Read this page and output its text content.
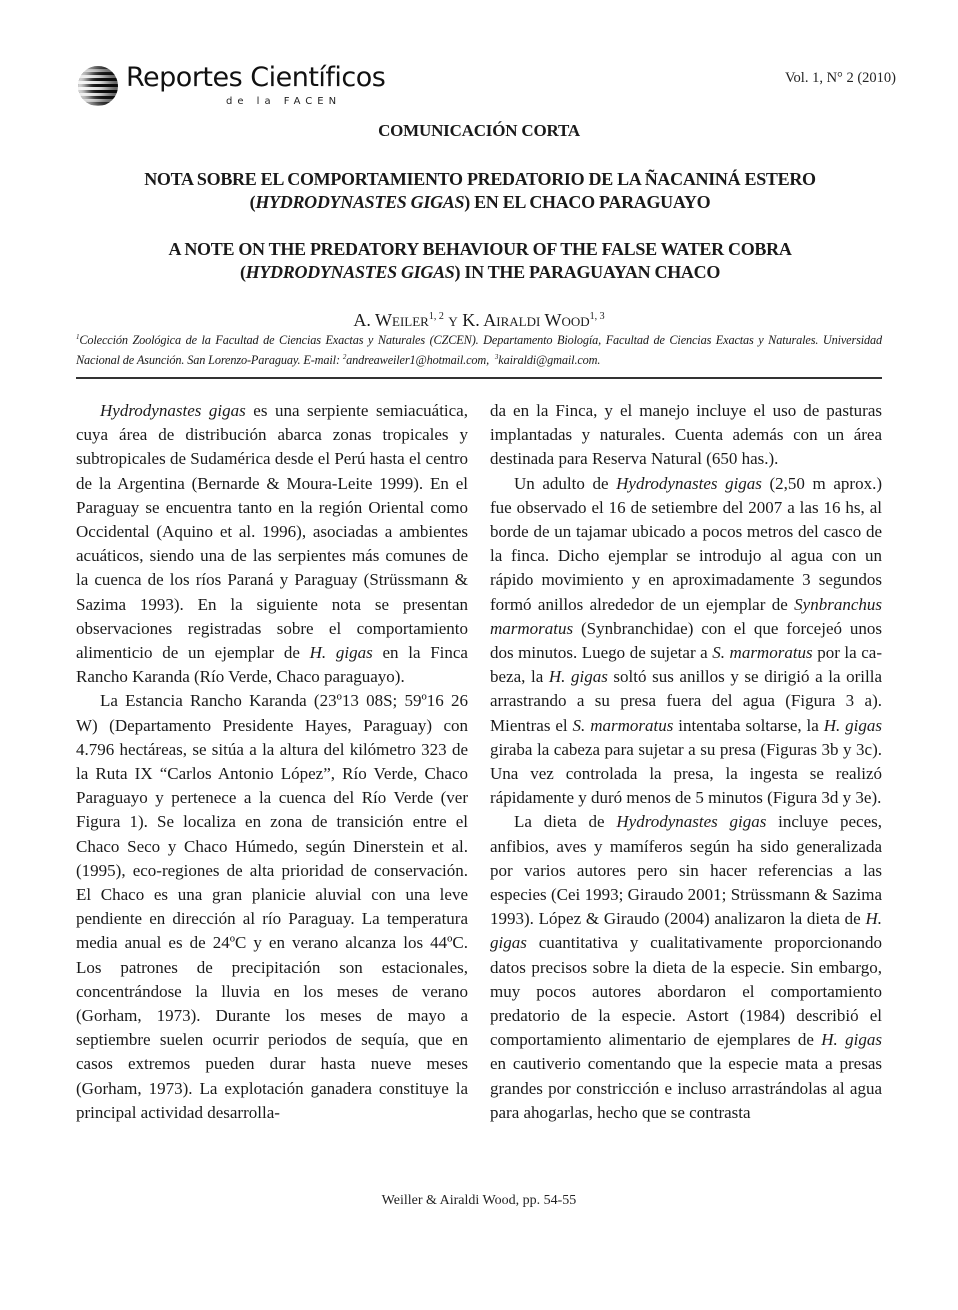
Reportes Científicos
de la FACEN
Vol. 1, N° 2 (2010)
COMUNICACIÓN CORTA
NOTA SOBRE EL COMPORTAMIENTO PREDATORIO DE LA ÑACANINÁ ESTERO
(HYDRODYNASTES GIGAS) EN EL CHACO PARAGUAYO
A NOTE ON THE PREDATORY BEHAVIOUR OF THE FALSE WATER COBRA
(HYDRODYNASTES GIGAS) IN THE PARAGUAYAN CHACO
A. Weiler$^{1, 2}$ y K. Airaldi Wood$^{1, 3}$
$^1$Colección Zoológica de la Facultad de Ciencias Exactas y Naturales (CZCEN). Departamento Biología, Facultad de Ciencias Exactas y Naturales. Universidad Nacional de Asunción. San Lorenzo-Paraguay. E-mail: $^2$andreaweiler1@hotmail.com, $^3$kairaldi@gmail.com.

Hydrodynastes gigas es una serpiente semiacuática, cuya área de distribución abarca zonas tropicales y subtropicales de Sudamérica desde el Perú hasta el centro de la Argentina (Bernarde & Moura-Leite 1999). En el Paraguay se encuentra tanto en la región Oriental como Occidental (Aquino et al. 1996), asociadas a ambientes acuáticos, siendo una de las serpientes más comunes de la cuenca de los ríos Paraná y Paraguay (Strüssmann & Sazima 1993). En la siguiente nota se presentan observaciones registradas sobre el comportamiento alimenticio de un ejemplar de H. gigas en la Finca Rancho Karanda (Río Verde, Chaco paraguayo).

La Estancia Rancho Karanda (23º13 08S; 59º16 26 W) (Departamento Presidente Hayes, Paraguay) con 4.796 hectáreas, se sitúa a la altura del kilómetro 323 de la Ruta IX “Carlos Antonio López”, Río Verde, Chaco Paraguayo y pertenece a la cuenca del Río Verde (ver Figura 1). Se localiza en zona de transición entre el Chaco Seco y Chaco Húmedo, según Dinerstein et al. (1995), eco-regiones de alta prioridad de conservación. El Chaco es una gran planicie aluvial con una leve pendiente en dirección al río Paraguay. La temperatura media anual es de 24ºC y en verano alcanza los 44ºC. Los patrones de precipitación son estacionales, concentrándose la lluvia en los meses de verano (Gorham, 1973). Durante los meses de mayo a septiembre suelen ocurrir periodos de sequía, que en casos extremos pueden durar hasta nueve meses (Gorham, 1973). La explotación ganadera constituye la principal actividad desarrolla-

da en la Finca, y el manejo incluye el uso de pasturas implantadas y naturales. Cuenta además con un área destinada para Reserva Natural (650 has.).

Un adulto de Hydrodynastes gigas (2,50 m aprox.) fue observado el 16 de setiembre del 2007 a las 16 hs, al borde de un tajamar ubicado a pocos metros del casco de la finca. Dicho ejemplar se introdujo al agua con un rápido movimiento y en aproximadamente 3 segundos formó anillos alrededor de un ejemplar de Synbranchus marmoratus (Synbranchidae) con el que forcejeó unos dos minutos. Luego de sujetar a S. marmoratus por la cabeza, la H. gigas soltó sus anillos y se dirigió a la orilla arrastrando a su presa fuera del agua (Figura 3 a). Mientras el S. marmoratus intentaba soltarse, la H. gigas giraba la cabeza para sujetar a su presa (Figuras 3b y 3c). Una vez controlada la presa, la ingesta se realizó rápidamente y duró menos de 5 minutos (Figura 3d y 3e).

La dieta de Hydrodynastes gigas incluye peces, anfibios, aves y mamíferos según ha sido generalizada por varios autores pero sin hacer referencias a las especies (Cei 1993; Giraudo 2001; Strüssmann & Sazima 1993). López & Giraudo (2004) analizaron la dieta de H. gigas cuantitativa y cualitativamente proporcionando datos precisos sobre la dieta de la especie. Sin embargo, muy pocos autores abordaron el comportamiento predatorio de la especie. Astort (1984) describió el comportamiento alimentario de ejemplares de H. gigas en cautiverio comentando que la especie mata a presas grandes por constricción e incluso arrastrándolas al agua para ahogarlas, hecho que se contrasta

Weiller & Airaldi Wood, pp. 54-55
